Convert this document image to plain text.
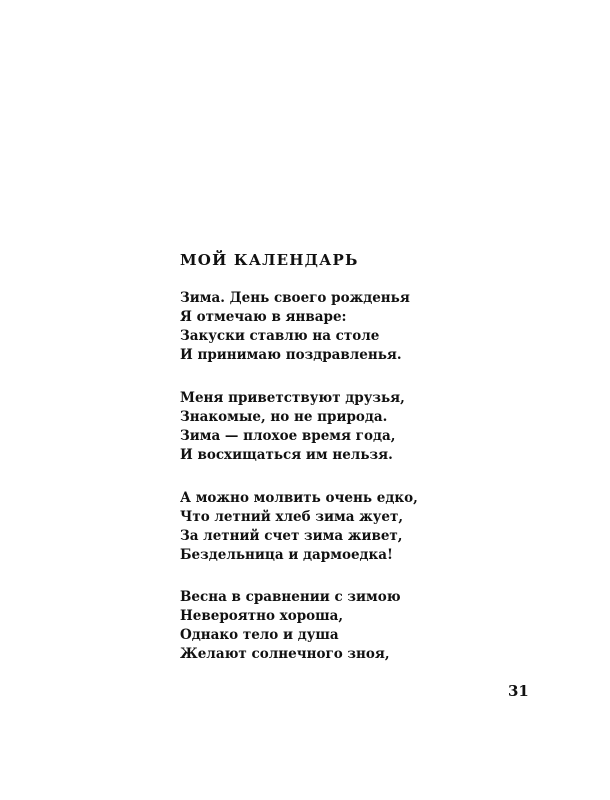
МОЙ КАЛЕНДАРЬ
Зима. День своего рожденья
Я отмечаю в январе:
Закуски ставлю на столе
И принимаю поздравленья.
Меня приветствуют друзья,
Знакомые, но не природа.
Зима — плохое время года,
И восхищаться им нельзя.
А можно молвить очень едко,
Что летний хлеб зима жует,
За летний счет зима живет,
Бездельница и дармоедка!
Весна в сравнении с зимою
Невероятно хороша,
Однако тело и душа
Желают солнечного зноя,
31
